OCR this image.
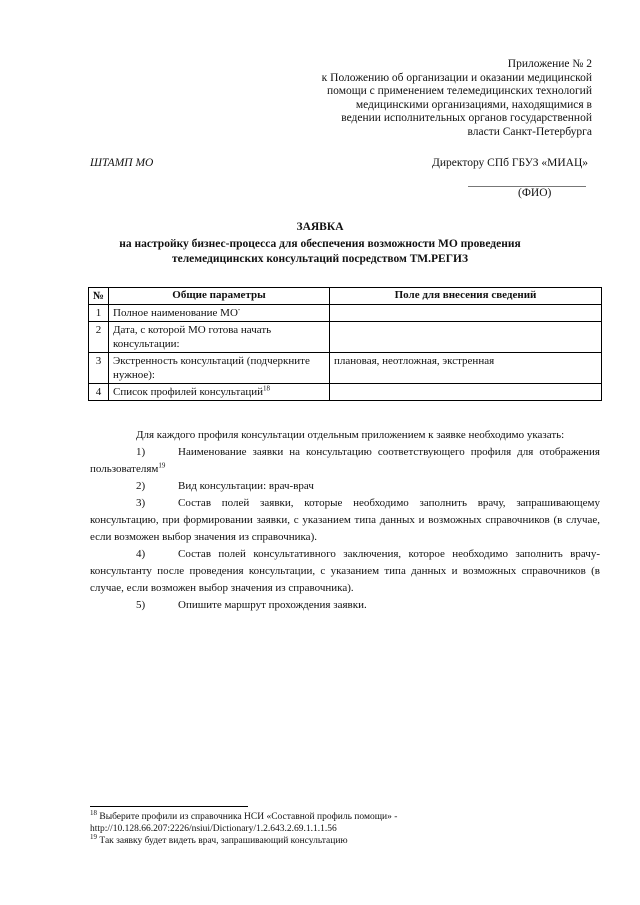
Приложение № 2
к Положению об организации и оказании медицинской
помощи с применением телемедицинских технологий
медицинскими организациями, находящимися в
ведении исполнительных органов государственной
власти Санкт-Петербурга
ШТАМП МО	Директору СПб ГБУЗ «МИАЦ»
(ФИО)
ЗАЯВКА
на настройку бизнес-процесса для обеспечения возможности МО проведения
телемедицинских консультаций посредством ТМ.РЕГИЗ
№	Общие параметры	Поле для внесения сведений
1	Полное наименование МО-	
2	Дата, с которой МО готова начать консультации:	
3	Экстренность консультаций (подчеркните нужное):	плановая, неотложная, экстренная
4	Список профилей консультаций$^{18}$	

Для каждого профиля консультации отдельным приложением к заявке необходимо указать:

1)	Наименование заявки на консультацию соответствующего профиля для отображения пользователям$^{19}$

2)	Вид консультации: врач-врач

3)	Состав полей заявки, которые необходимо заполнить врачу, запрашивающему консультацию, при формировании заявки, с указанием типа данных и возможных справочников (в случае, если возможен выбор значения из справочника).

4)	Состав полей консультативного заключения, которое необходимо заполнить врачу-консультанту после проведения консультации, с указанием типа данных и возможных справочников (в случае, если возможен выбор значения из справочника).

5)	Опишите маршрут прохождения заявки.

$^{18}$ Выберите профили из справочника НСИ «Составной профиль помощи» -
http://10.128.66.207:2226/nsiui/Dictionary/1.2.643.2.69.1.1.1.56
$^{19}$ Так заявку будет видеть врач, запрашивающий консультацию
